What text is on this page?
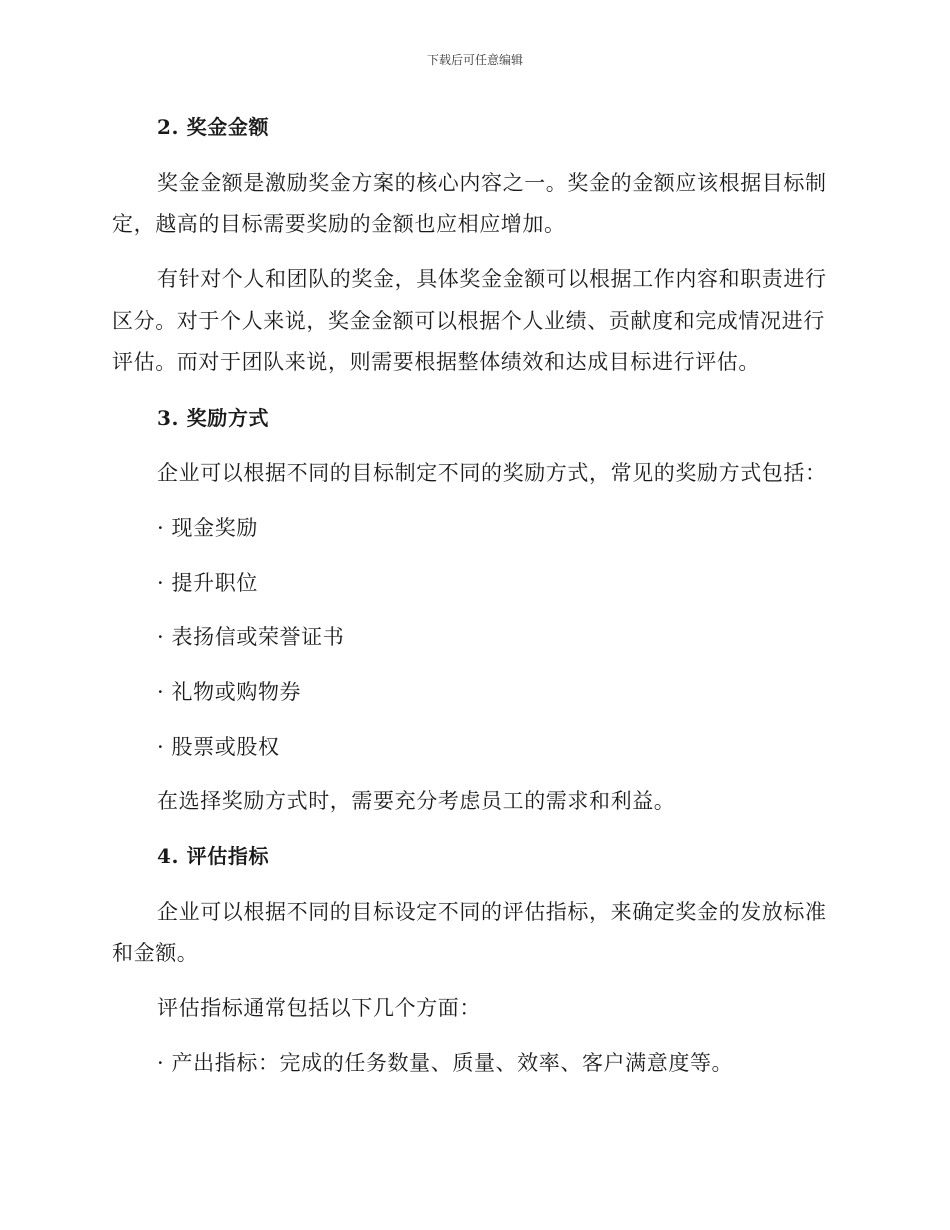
下载后可任意编辑
2. 奖金金额
奖金金额是激励奖金方案的核心内容之一。奖金的金额应该根据目标制
定，越高的目标需要奖励的金额也应相应增加。
有针对个人和团队的奖金，具体奖金金额可以根据工作内容和职责进行
区分。对于个人来说，奖金金额可以根据个人业绩、贡献度和完成情况进行
评估。而对于团队来说，则需要根据整体绩效和达成目标进行评估。
3. 奖励方式
企业可以根据不同的目标制定不同的奖励方式，常见的奖励方式包括：
· 现金奖励
· 提升职位
· 表扬信或荣誉证书
· 礼物或购物券
· 股票或股权
在选择奖励方式时，需要充分考虑员工的需求和利益。
4. 评估指标
企业可以根据不同的目标设定不同的评估指标，来确定奖金的发放标准
和金额。
评估指标通常包括以下几个方面：
· 产出指标：完成的任务数量、质量、效率、客户满意度等。
